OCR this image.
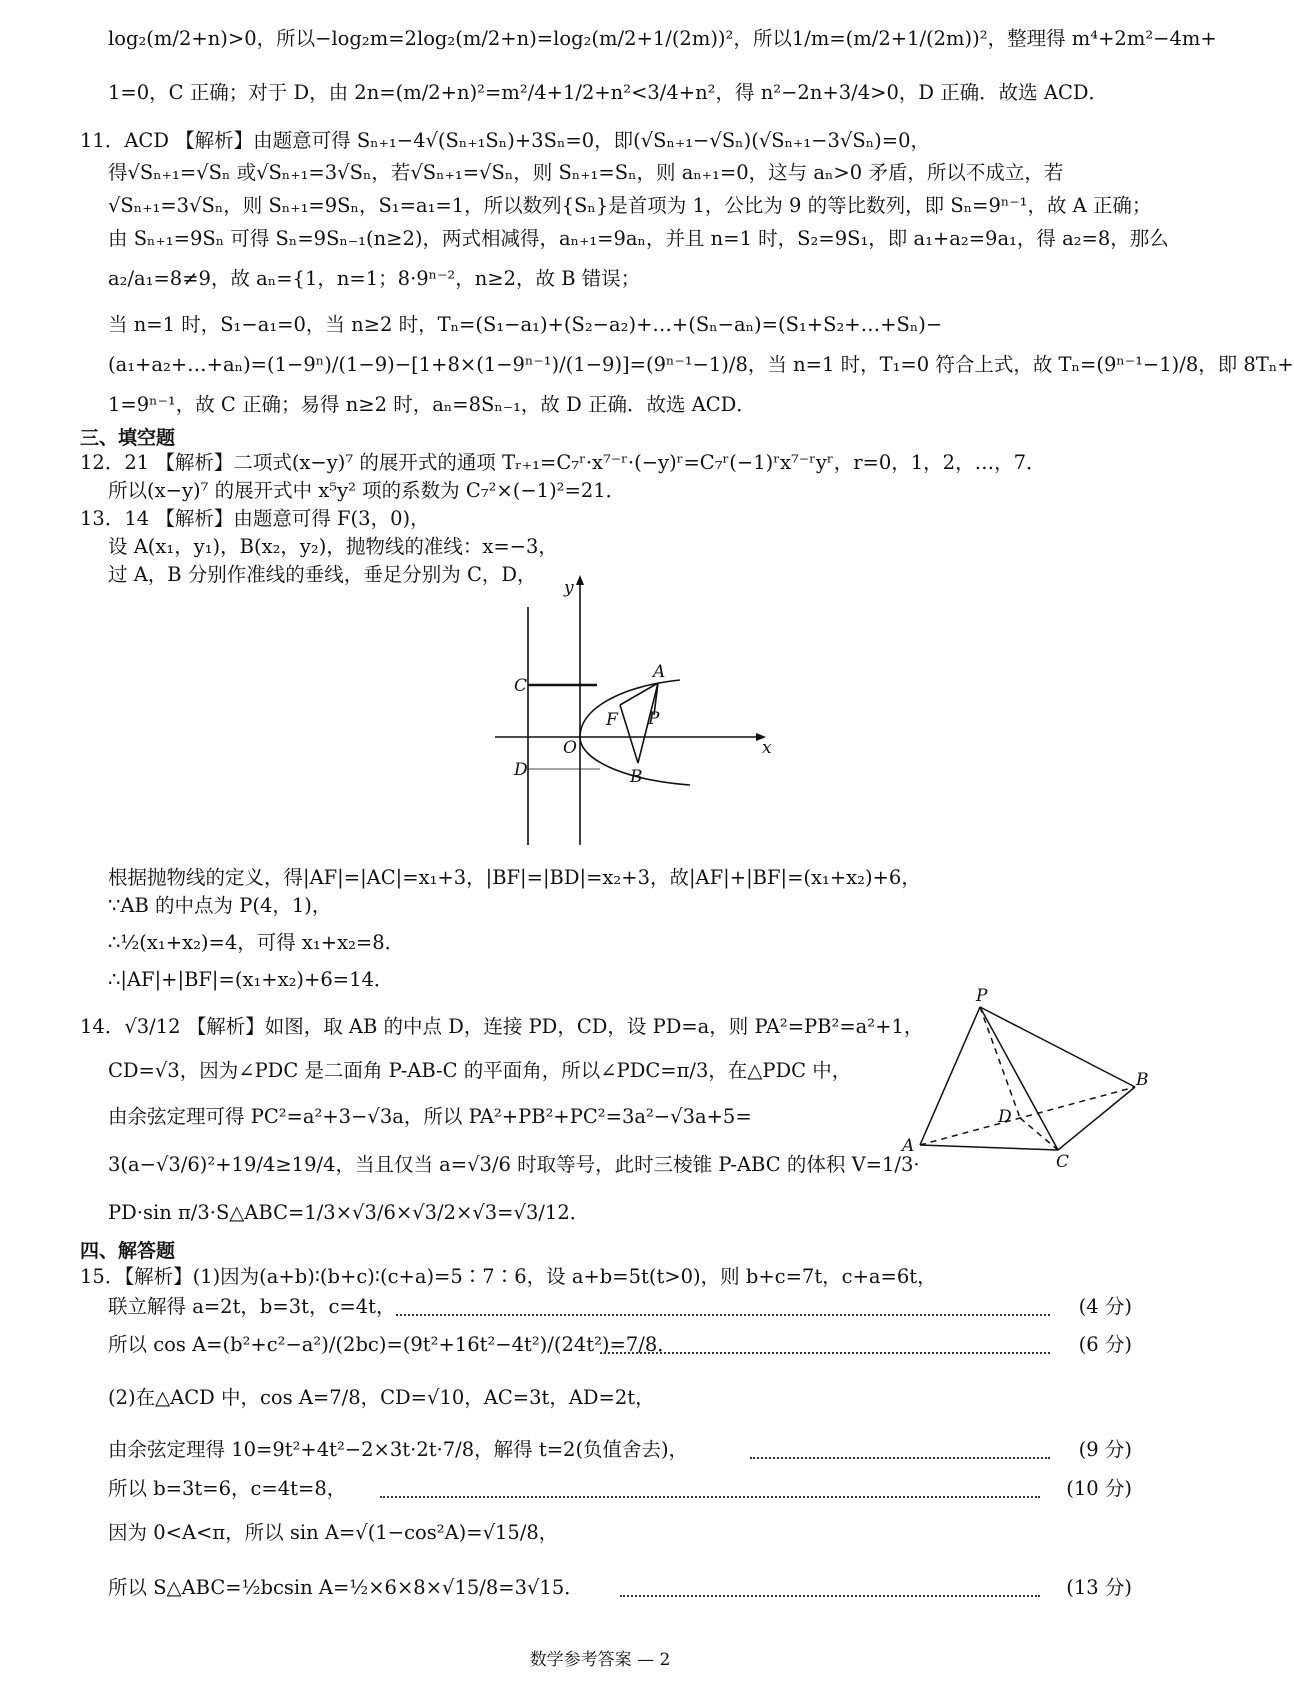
log₂(m/2+n)>0，所以−log₂m=2log₂(m/2+n)=log₂(m/2+1/(2m))²，所以1/m=(m/2+1/(2m))²，整理得 m⁴+2m²−4m+
1=0，C 正确；对于 D，由 2n=(m/2+n)²=m²/4+1/2+n²<3/4+n²，得 n²−2n+3/4>0，D 正确．故选 ACD．
11．ACD 【解析】由题意可得 Sₙ₊₁−4√(Sₙ₊₁Sₙ)+3Sₙ=0，即(√Sₙ₊₁−√Sₙ)(√Sₙ₊₁−3√Sₙ)=0，
得√Sₙ₊₁=√Sₙ 或√Sₙ₊₁=3√Sₙ，若√Sₙ₊₁=√Sₙ，则 Sₙ₊₁=Sₙ，则 aₙ₊₁=0，这与 aₙ>0 矛盾，所以不成立，若
√Sₙ₊₁=3√Sₙ，则 Sₙ₊₁=9Sₙ，S₁=a₁=1，所以数列{Sₙ}是首项为 1，公比为 9 的等比数列，即 Sₙ=9ⁿ⁻¹，故 A 正确；
由 Sₙ₊₁=9Sₙ 可得 Sₙ=9Sₙ₋₁(n≥2)，两式相减得，aₙ₊₁=9aₙ，并且 n=1 时，S₂=9S₁，即 a₁+a₂=9a₁，得 a₂=8，那么
a₂/a₁=8≠9，故 aₙ={1，n=1；8·9ⁿ⁻²，n≥2，故 B 错误；
当 n=1 时，S₁−a₁=0，当 n≥2 时，Tₙ=(S₁−a₁)+(S₂−a₂)+…+(Sₙ−aₙ)=(S₁+S₂+…+Sₙ)−
(a₁+a₂+…+aₙ)=(1−9ⁿ)/(1−9)−[1+8×(1−9ⁿ⁻¹)/(1−9)]=(9ⁿ⁻¹−1)/8，当 n=1 时，T₁=0 符合上式，故 Tₙ=(9ⁿ⁻¹−1)/8，即 8Tₙ+
1=9ⁿ⁻¹，故 C 正确；易得 n≥2 时，aₙ=8Sₙ₋₁，故 D 正确．故选 ACD．
三、填空题
12．21 【解析】二项式(x−y)⁷ 的展开式的通项 Tᵣ₊₁=C₇ʳ·x⁷⁻ʳ·(−y)ʳ=C₇ʳ(−1)ʳx⁷⁻ʳyʳ，r=0，1，2，…，7．
所以(x−y)⁷ 的展开式中 x⁵y² 项的系数为 C₇²×(−1)²=21．
13．14 【解析】由题意可得 F(3，0)，
设 A(x₁，y₁)，B(x₂，y₂)，抛物线的准线：x=−3，
过 A，B 分别作准线的垂线，垂足分别为 C，D，
y
x
C
A
F P
O
D	B
根据抛物线的定义，得|AF|=|AC|=x₁+3，|BF|=|BD|=x₂+3，故|AF|+|BF|=(x₁+x₂)+6，
∵AB 的中点为 P(4，1)，
∴½(x₁+x₂)=4，可得 x₁+x₂=8．
∴|AF|+|BF|=(x₁+x₂)+6=14．
14．√3/12 【解析】如图，取 AB 的中点 D，连接 PD，CD，设 PD=a，则 PA²=PB²=a²+1，
CD=√3，因为∠PDC 是二面角 P-AB-C 的平面角，所以∠PDC=π/3，在△PDC 中，
由余弦定理可得 PC²=a²+3−√3a，所以 PA²+PB²+PC²=3a²−√3a+5=
3(a−√3/6)²+19/4≥19/4，当且仅当 a=√3/6 时取等号，此时三棱锥 P-ABC 的体积 V=1/3·
PD·sin π/3·S△ABC=1/3×√3/6×√3/2×√3=√3/12．
P
B
D
A
C
四、解答题
15．【解析】(1)因为(a+b)∶(b+c)∶(c+a)=5∶7∶6，设 a+b=5t(t>0)，则 b+c=7t，c+a=6t，
联立解得 a=2t，b=3t，c=4t，	(4 分)
所以 cos A=(b²+c²−a²)/(2bc)=(9t²+16t²−4t²)/(24t²)=7/8．	(6 分)
(2)在△ACD 中，cos A=7/8，CD=√10，AC=3t，AD=2t，
由余弦定理得 10=9t²+4t²−2×3t·2t·7/8，解得 t=2(负值舍去)，	(9 分)
所以 b=3t=6，c=4t=8，	(10 分)
因为 0<A<π，所以 sin A=√(1−cos²A)=√15/8，
所以 S△ABC=½bcsin A=½×6×8×√15/8=3√15．	(13 分)
数学参考答案 — 2
